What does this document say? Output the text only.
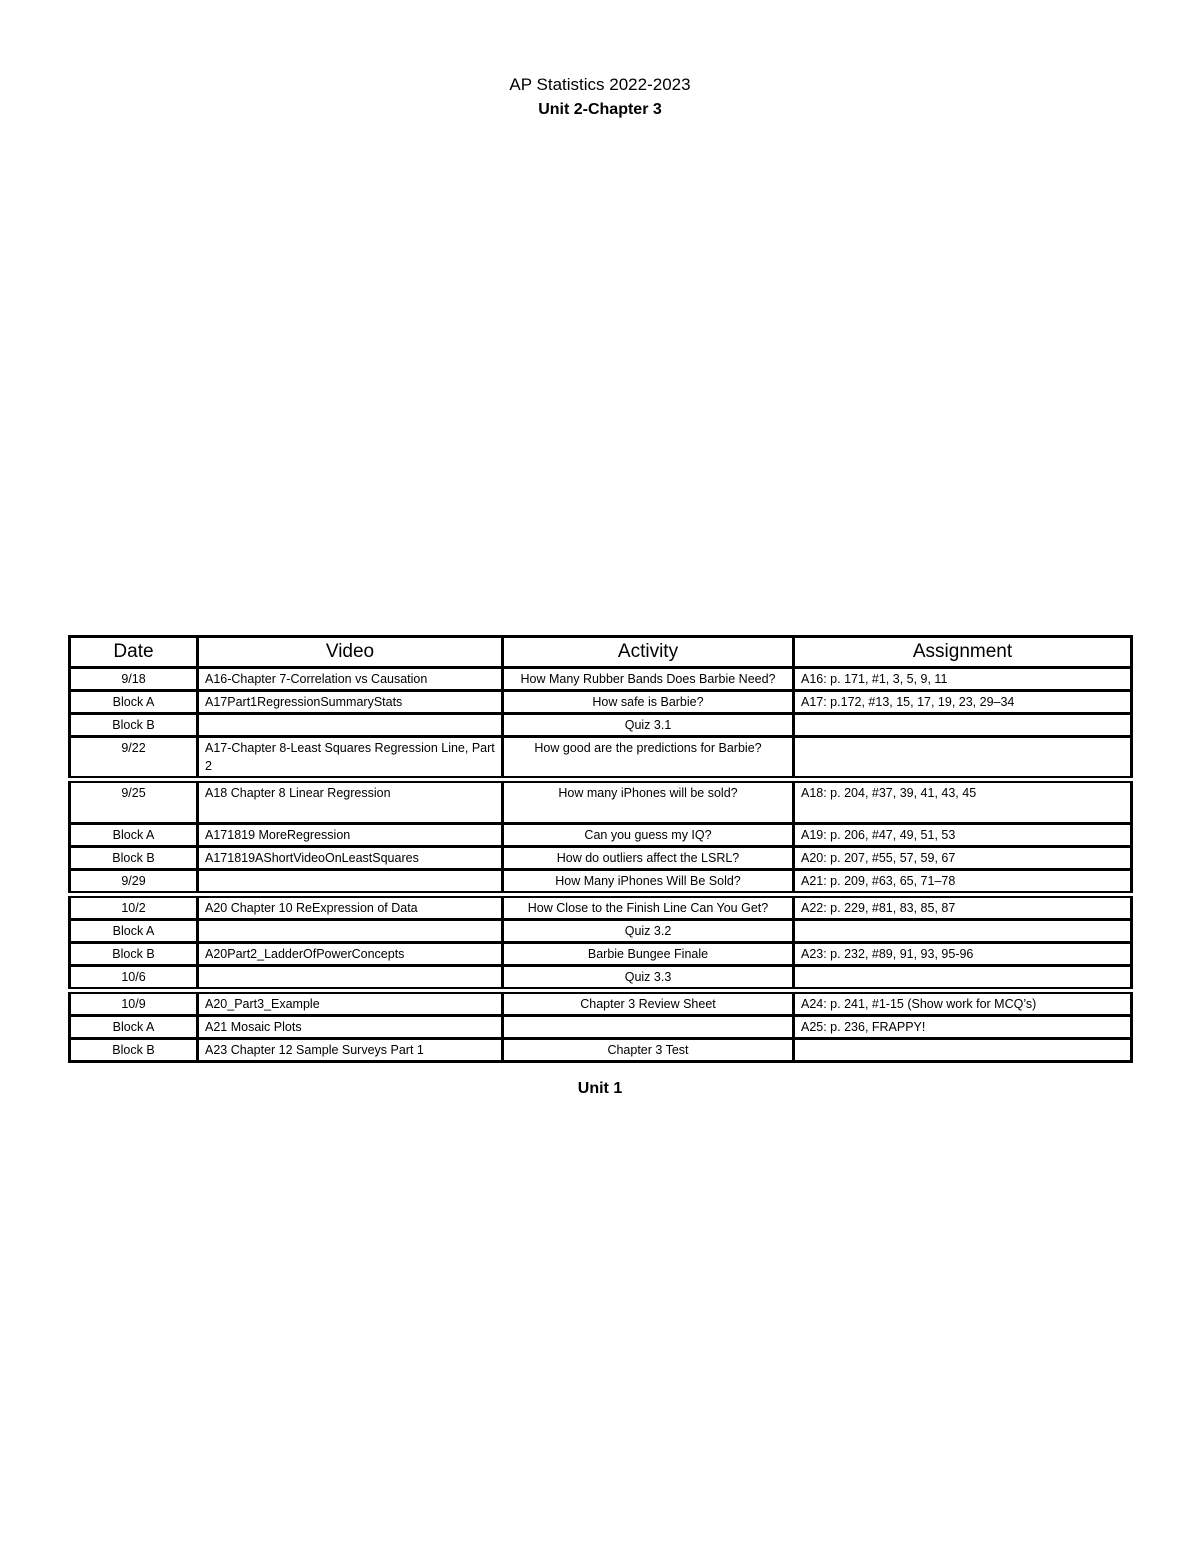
AP Statistics 2022-2023
Unit 2-Chapter 3
Date	Video	Activity	Assignment
9/18	A16-Chapter 7-Correlation vs Causation	How Many Rubber Bands Does Barbie Need?	A16: p. 171, #1, 3, 5, 9, 11
Block A	A17Part1RegressionSummaryStats	How safe is Barbie?	A17: p.172, #13, 15, 17, 19, 23, 29–34
Block B		Quiz 3.1	
9/22	A17-Chapter 8-Least Squares Regression Line, Part 2	How good are the predictions for Barbie?	
9/25	A18 Chapter 8 Linear Regression	How many iPhones will be sold?	A18: p. 204, #37, 39, 41, 43, 45
Block A	A171819 MoreRegression	Can you guess my IQ?	A19: p. 206, #47, 49, 51, 53
Block B	A171819AShortVideoOnLeastSquares	How do outliers affect the LSRL?	A20: p. 207, #55, 57, 59, 67
9/29		How Many iPhones Will Be Sold?	A21: p. 209, #63, 65, 71–78
10/2	A20 Chapter 10 ReExpression of Data	How Close to the Finish Line Can You Get?	A22: p. 229, #81, 83, 85, 87
Block A		Quiz 3.2	
Block B	A20Part2_LadderOfPowerConcepts	Barbie Bungee Finale	A23: p. 232, #89, 91, 93, 95-96
10/6		Quiz 3.3	
10/9	A20_Part3_Example	Chapter 3 Review Sheet	A24: p. 241, #1-15 (Show work for MCQ’s)
Block A	A21 Mosaic Plots		A25: p. 236, FRAPPY!
Block B	A23 Chapter 12 Sample Surveys Part 1	Chapter 3 Test	
Unit 1
